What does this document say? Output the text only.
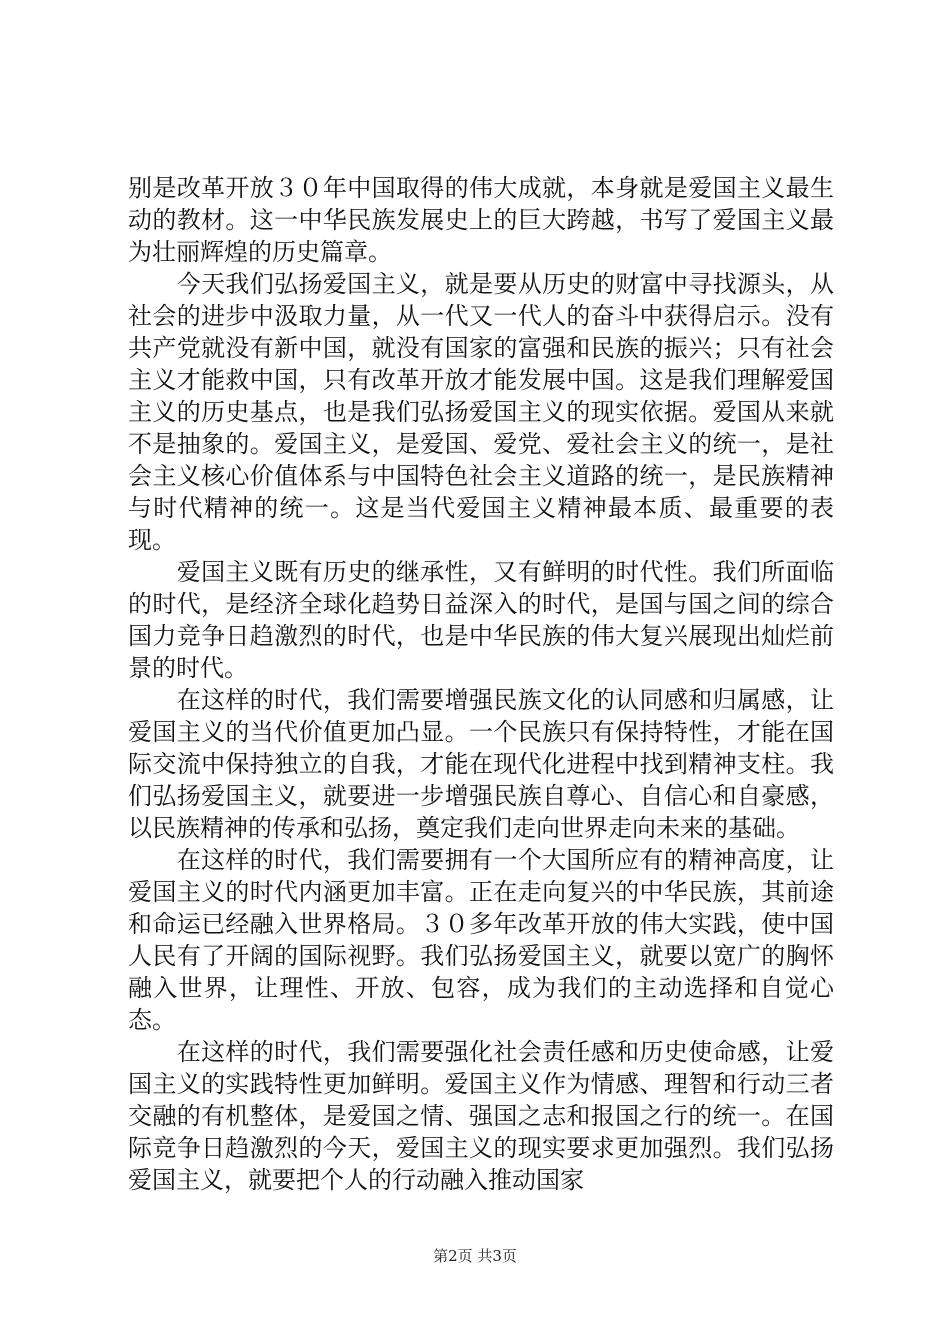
别是改革开放３０年中国取得的伟大成就，本身就是爱国主义最生动的教材。这一中华民族发展史上的巨大跨越，书写了爱国主义最为壮丽辉煌的历史篇章。

　　今天我们弘扬爱国主义，就是要从历史的财富中寻找源头，从社会的进步中汲取力量，从一代又一代人的奋斗中获得启示。没有共产党就没有新中国，就没有国家的富强和民族的振兴；只有社会主义才能救中国，只有改革开放才能发展中国。这是我们理解爱国主义的历史基点，也是我们弘扬爱国主义的现实依据。爱国从来就不是抽象的。爱国主义，是爱国、爱党、爱社会主义的统一，是社会主义核心价值体系与中国特色社会主义道路的统一，是民族精神与时代精神的统一。这是当代爱国主义精神最本质、最重要的表现。

　　爱国主义既有历史的继承性，又有鲜明的时代性。我们所面临的时代，是经济全球化趋势日益深入的时代，是国与国之间的综合国力竞争日趋激烈的时代，也是中华民族的伟大复兴展现出灿烂前景的时代。

　　在这样的时代，我们需要增强民族文化的认同感和归属感，让爱国主义的当代价值更加凸显。一个民族只有保持特性，才能在国际交流中保持独立的自我，才能在现代化进程中找到精神支柱。我们弘扬爱国主义，就要进一步增强民族自尊心、自信心和自豪感，以民族精神的传承和弘扬，奠定我们走向世界走向未来的基础。

　　在这样的时代，我们需要拥有一个大国所应有的精神高度，让爱国主义的时代内涵更加丰富。正在走向复兴的中华民族，其前途和命运已经融入世界格局。３０多年改革开放的伟大实践，使中国人民有了开阔的国际视野。我们弘扬爱国主义，就要以宽广的胸怀融入世界，让理性、开放、包容，成为我们的主动选择和自觉心态。

　　在这样的时代，我们需要强化社会责任感和历史使命感，让爱国主义的实践特性更加鲜明。爱国主义作为情感、理智和行动三者交融的有机整体，是爱国之情、强国之志和报国之行的统一。在国际竞争日趋激烈的今天，爱国主义的现实要求更加强烈。我们弘扬爱国主义，就要把个人的行动融入推动国家

第2页 共3页
